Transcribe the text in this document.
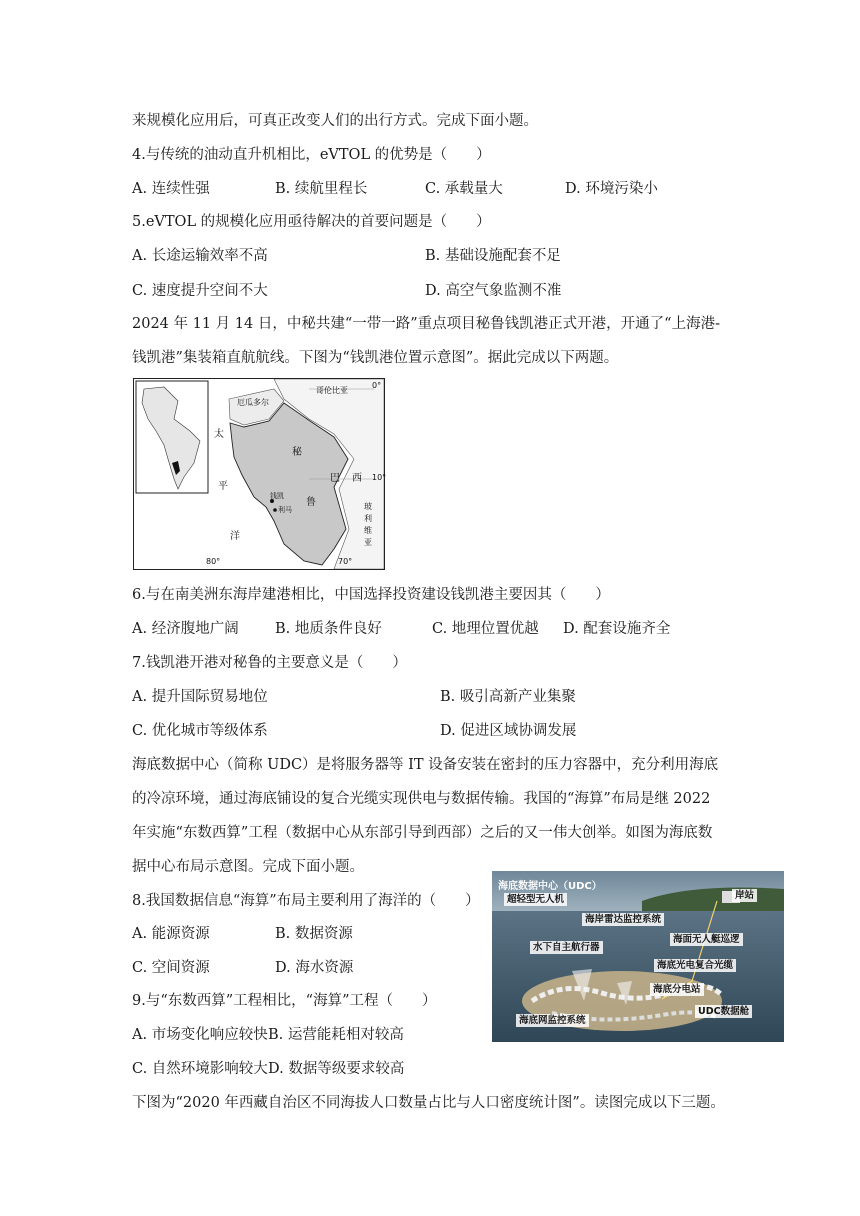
来规模化应用后，可真正改变人们的出行方式。完成下面小题。
4.与传统的油动直升机相比，eVTOL 的优势是（　　）
A. 连续性强	B. 续航里程长	C. 承载量大	D. 环境污染小
5.eVTOL 的规模化应用亟待解决的首要问题是（　　）
A. 长途运输效率不高	B. 基础设施配套不足
C. 速度提升空间不大	D. 高空气象监测不准
2024 年 11 月 14 日，中秘共建“一带一路”重点项目秘鲁钱凯港正式开港，开通了“上海港-
钱凯港”集装箱直航航线。下图为“钱凯港位置示意图”。据此完成以下两题。
哥伦比亚
厄瓜多尔
太
平
洋
秘
鲁
巴 西
钱凯
利马	玻
利
维
亚
0°
10°
80°	70°
6.与在南美洲东海岸建港相比，中国选择投资建设钱凯港主要因其（　　）
A. 经济腹地广阔	B. 地质条件良好	C. 地理位置优越 D. 配套设施齐全
7.钱凯港开港对秘鲁的主要意义是（　　）
A. 提升国际贸易地位	B. 吸引高新产业集聚
C. 优化城市等级体系	D. 促进区域协调发展
海底数据中心（简称 UDC）是将服务器等 IT 设备安装在密封的压力容器中，充分利用海底
的冷凉环境，通过海底铺设的复合光缆实现供电与数据传输。我国的“海算”布局是继 2022
年实施“东数西算”工程（数据中心从东部引导到西部）之后的又一伟大创举。如图为海底数
据中心布局示意图。完成下面小题。
8.我国数据信息“海算”布局主要利用了海洋的（　　）
A. 能源资源	B. 数据资源
C. 空间资源	D. 海水资源
9.与“东数西算”工程相比，“海算”工程（　　）
A. 市场变化响应较快 B. 运营能耗相对较高
C. 自然环境影响较大 D. 数据等级要求较高
下图为“2020 年西藏自治区不同海拔人口数量占比与人口密度统计图”。读图完成以下三题。
海底数据中心（UDC）
超轻型无人机	岸站
海岸雷达监控系统
海面无人艇巡逻
水下自主航行器
海底光电复合光缆
海底分电站
海底网监控系统
UDC数据舱
